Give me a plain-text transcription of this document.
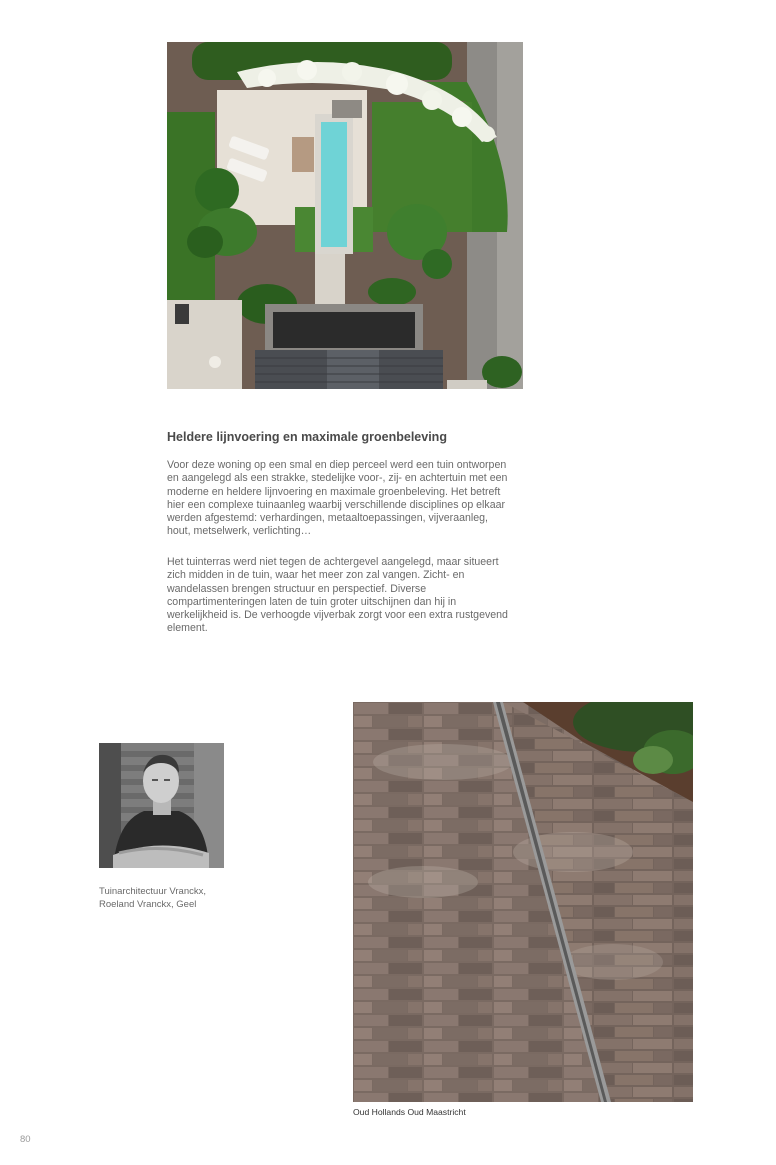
Heldere lijnvoering en maximale groenbeleving

Voor deze woning op een smal en diep perceel werd een tuin ontworpen en aangelegd als een strakke, stedelijke voor-, zij- en achtertuin met een moderne en heldere lijnvoering en maximale groenbeleving. Het betreft hier een complexe tuinaanleg waarbij verschillende disciplines op elkaar werden afgestemd: verhardingen, metaaltoepassingen, vijveraanleg, hout, metselwerk, verlichting…

Het tuinterras werd niet tegen de achtergevel aangelegd, maar situeert zich midden in de tuin, waar het meer zon zal vangen. Zicht- en wandelassen brengen structuur en perspectief. Diverse compartimenteringen laten de tuin groter uitschijnen dan hij in werkelijkheid is. De verhoogde vijverbak zorgt voor een extra rustgevend element.

Tuinarchitectuur Vranckx,
Roeland Vranckx, Geel
Oud Hollands Oud Maastricht
80
